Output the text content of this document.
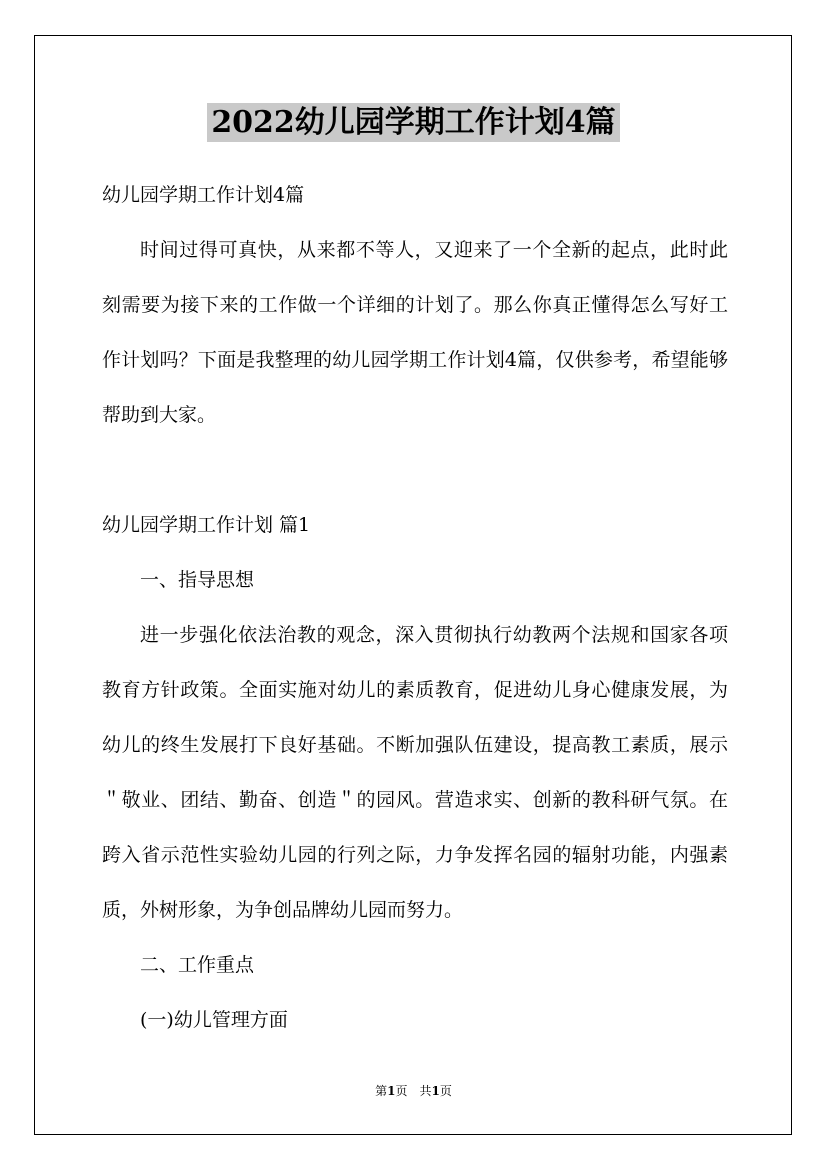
2022幼儿园学期工作计划4篇

幼儿园学期工作计划4篇

时间过得可真快，从来都不等人，又迎来了一个全新的起点，此时此刻需要为接下来的工作做一个详细的计划了。那么你真正懂得怎么写好工作计划吗？下面是我整理的幼儿园学期工作计划4篇，仅供参考，希望能够帮助到大家。

幼儿园学期工作计划 篇1

一、指导思想

进一步强化依法治教的观念，深入贯彻执行幼教两个法规和国家各项教育方针政策。全面实施对幼儿的素质教育，促进幼儿身心健康发展，为幼儿的终生发展打下良好基础。不断加强队伍建设，提高教工素质，展示＂敬业、团结、勤奋、创造＂的园风。营造求实、创新的教科研气氛。在跨入省示范性实验幼儿园的行列之际，力争发挥名园的辐射功能，内强素质，外树形象，为争创品牌幼儿园而努力。

二、工作重点

(一)幼儿管理方面

第1页　共1页
